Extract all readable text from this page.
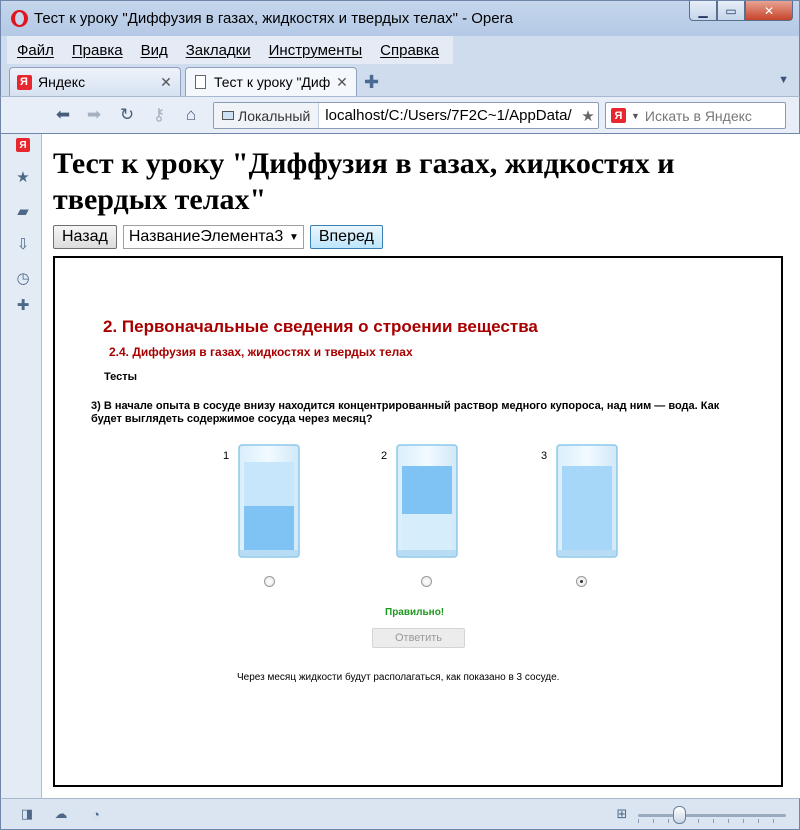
Тест к уроку "Диффузия в газах, жидкостях и твердых телах" - Opera	▁	▭	✕
Файл	Правка	Вид	Закладки	Инструменты	Справка
Я Яндекс	✕	Тест к уроку "Диф ✕ ✚	▼
⬅ ➡ ↻	⚷	⌂	Локальный	localhost/C:/Users/7F2C~1/AppData/ ★	Я ▼
Искать в Яндекс
Я
★
▰
⇩
◷
✚
Тест к уроку "Диффузия в газах, жидкостях и твердых телах"
Назад	НазваниеЭлемента3 ▼	Вперед
2. Первоначальные сведения о строении вещества
2.4. Диффузия в газах, жидкостях и твердых телах
Тесты
3) В начале опыта в сосуде внизу находится концентрированный раствор медного купороса, над ним — вода. Как будет выглядеть содержимое сосуда через месяц?
1	2	3
Правильно!
Ответить
Через месяц жидкости будут располагаться, как показано в 3 сосуде.
◨ ☁	◔	⊞
